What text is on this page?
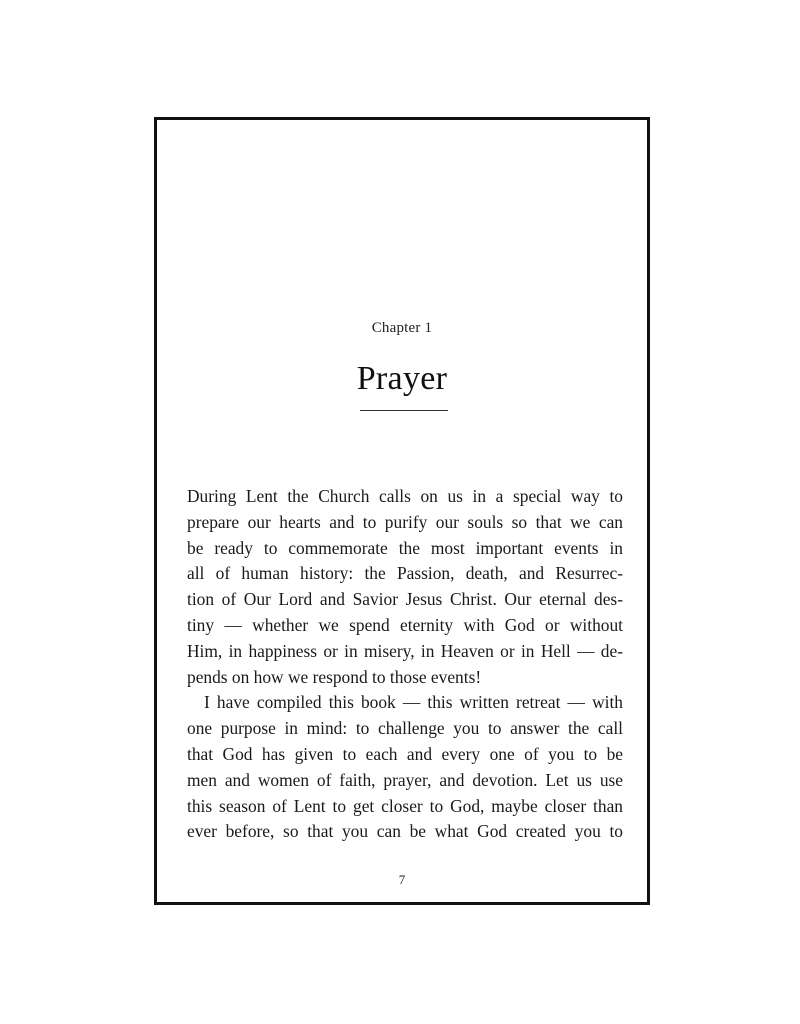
Chapter 1
Prayer
During Lent the Church calls on us in a special way to
prepare our hearts and to purify our souls so that we can
be ready to commemorate the most important events in
all of human history: the Passion, death, and Resurrec-
tion of Our Lord and Savior Jesus Christ. Our eternal des-
tiny — whether we spend eternity with God or without
Him, in happiness or in misery, in Heaven or in Hell — de-
pends on how we respond to those events!
I have compiled this book — this written retreat — with
one purpose in mind: to challenge you to answer the call
that God has given to each and every one of you to be
men and women of faith, prayer, and devotion. Let us use
this season of Lent to get closer to God, maybe closer than
ever before, so that you can be what God created you to
7
